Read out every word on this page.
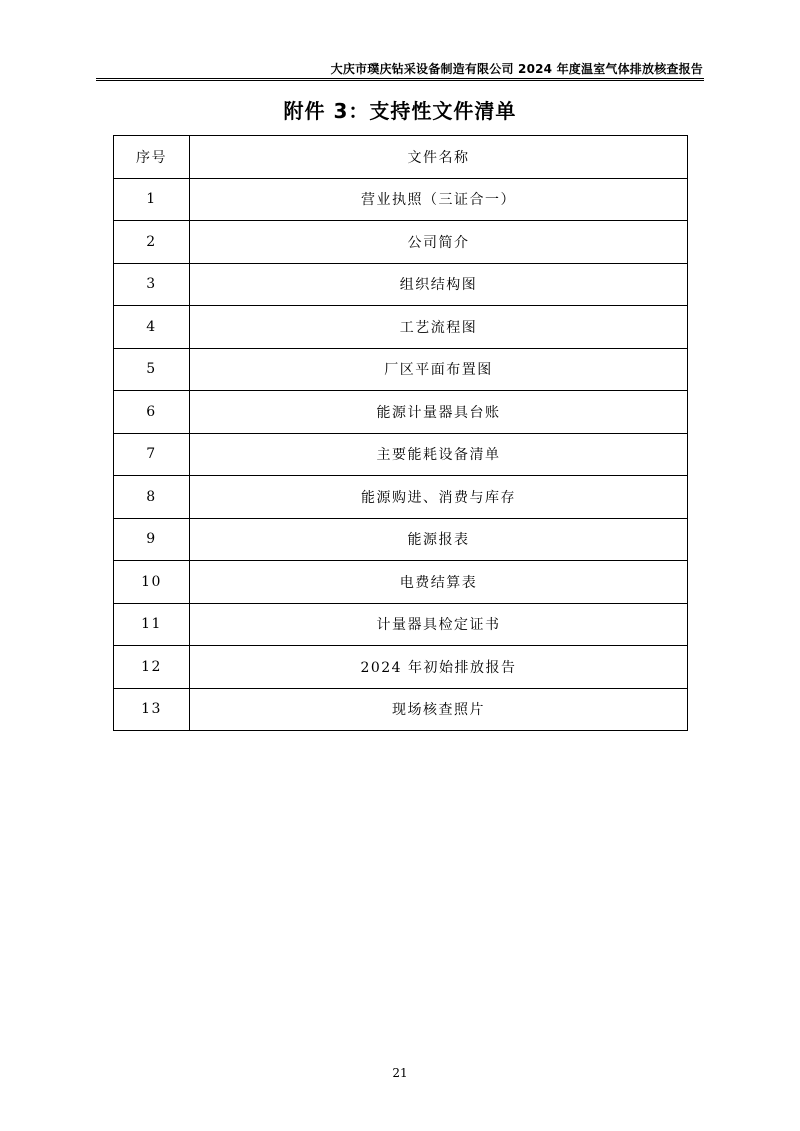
大庆市璞庆钻采设备制造有限公司 2024 年度温室气体排放核查报告
附件 3：支持性文件清单
序号	文件名称
1	营业执照（三证合一）
2	公司简介
3	组织结构图
4	工艺流程图
5	厂区平面布置图
6	能源计量器具台账
7	主要能耗设备清单
8	能源购进、消费与库存
9	能源报表
10	电费结算表
11	计量器具检定证书
12	2024 年初始排放报告
13	现场核查照片
21
